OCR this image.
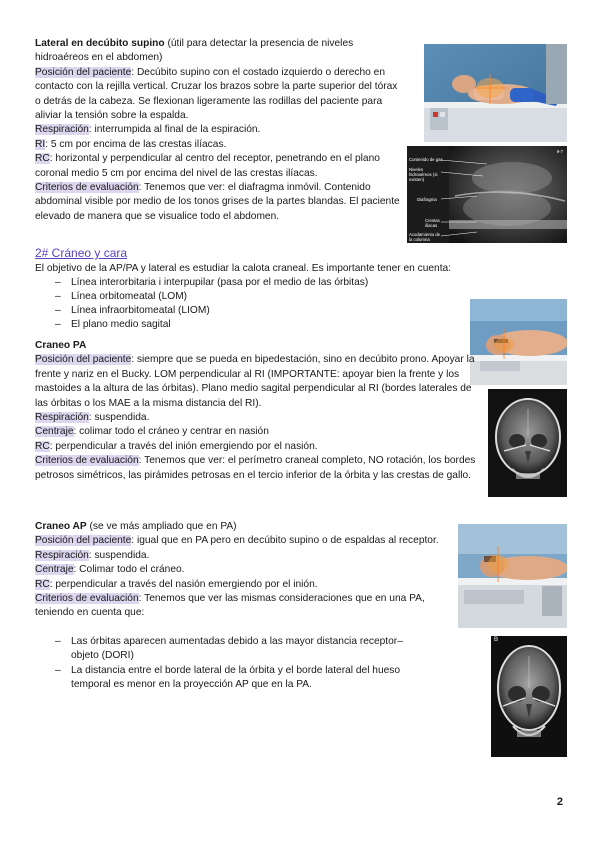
Lateral en decúbito supino (útil para detectar la presencia de niveles hidroaéreos en el abdomen)
Posición del paciente: Decúbito supino con el costado izquierdo o derecho en contacto con la rejilla vertical. Cruzar los brazos sobre la parte superior del tórax o detrás de la cabeza. Se flexionan ligeramente las rodillas del paciente para aliviar la tensión sobre la espalda.
Respiración: interrumpida al final de la espiración.
RI: 5 cm por encima de las crestas ilíacas.
RC: horizontal y perpendicular al centro del receptor, penetrando en el plano coronal medio 5 cm por encima del nivel de las crestas ilíacas.
Criterios de evaluación: Tenemos que ver: el diafragma inmóvil. Contenido abdominal visible por medio de los tonos grises de la partes blandas. El paciente elevado de manera que se visualice todo el abdomen.
9-7
Contenido de gas
Niveles hidroaéreos (si existen)
Diafragma
Crestas ilíacas
Acodamiento de la columna
2# Cráneo y cara
El objetivo de la AP/PA y lateral es estudiar la calota craneal. Es importante tener en cuenta:
– Línea interorbitaria i interpupilar (pasa por el medio de las órbitas)
– Línea orbitomeatal (LOM)
– Línea infraorbitomeatal (LIOM)
– El plano medio sagital
Craneo PA
Posición del paciente: siempre que se pueda en bipedestación, sino en decúbito prono. Apoyar la frente y nariz en el Bucky. LOM perpendicular al RI (IMPORTANTE: apoyar bien la frente y los mastoides a la altura de las órbitas). Plano medio sagital perpendicular al RI (bordes laterales de las órbitas o los MAE a la misma distancia del RI).
Respiración: suspendida.
Centraje: colimar todo el cráneo y centrar en nasión
RC: perpendicular a través del inión emergiendo por el nasión.
Criterios de evaluación: Tenemos que ver: el perímetro craneal completo, NO rotación, los bordes petrosos simétricos, las pirámides petrosas en el tercio inferior de la órbita y las crestas de gallo.
Craneo AP (se ve más ampliado que en PA)
Posición del paciente: igual que en PA pero en decúbito supino o de espaldas al receptor.
Respiración: suspendida.
Centraje: Colimar todo el cráneo.
RC: perpendicular a través del nasión emergiendo por el inión.
Criterios de evaluación: Tenemos que ver las mismas consideraciones que en una PA, teniendo en cuenta que:
– Las órbitas aparecen aumentadas debido a las mayor distancia receptor–objeto (DORI)
– La distancia entre el borde lateral de la órbita y el borde lateral del hueso temporal es menor en la proyección AP que en la PA.
B
2
